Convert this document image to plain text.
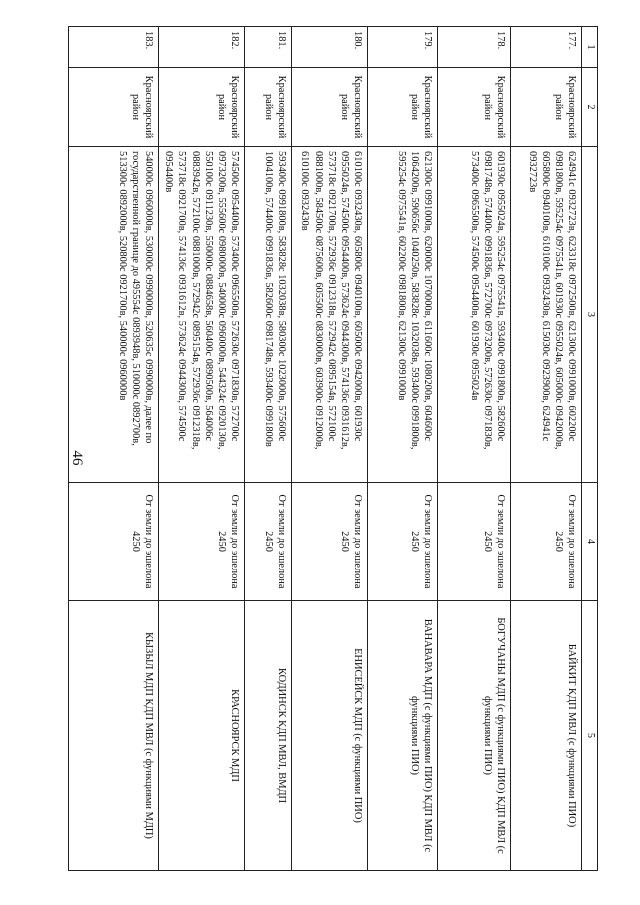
46
1	2	3	4	5
177.	Красноярский район	624941с 0932723в, 623318с 0972500в, 621300с 0991000в, 602200с 0981800в, 595254с 0975541в, 601930с 0955024в, 605000с 0942000в, 605800с 0940100в, 610100с 0932430в, 615030с 0923900в, 624941с 0932723в	От земли до эшелона 2450	БАЙКИТ КДП МВЛ (с функциями ПИО)
178.	Красноярский район	601930с 0955024в, 595254с 0975541в, 593400с 0991800в, 582600с 0981748в, 574400с 0991836в, 572700с 0973200в, 572630с 0971830в, 573400с 0965500в, 574500с 0954400в, 601930с 0955024в	От земли до эшелона 2450	БОГУЧАНЫ МДП (с функциями ПИО) КДП МВЛ (с функциями ПИО)
179.	Красноярский район	621300с 0991000в, 620000с 1070000в, 611600с 1080200в, 604600с 1064200в, 590656с 1040250в, 583828с 1032038в, 593400с 0991800в, 595254с 0975541в, 602200с 0981800в, 621300с 0991000в	От земли до эшелона 2450	ВАНАВАРА МДП (с функциями ПИО) КДП МВЛ (с функциями ПИО)
180.	Красноярский район	610100с 0932430в, 605800с 0940100в, 605000с 0942000в, 601930с 0955024в, 574500с 0954400в, 573624с 0944300в, 574136с 0931612в, 573718с 0921700в, 572936с 0912318в, 572942с 0895154в, 572100с 0881000в, 584500с 0875600в, 605500с 0830000в, 603900с 0912000в, 610100с 0932430в	От земли до эшелона 2450	ЕНИСЕЙСК МДП (с функциями ПИО)
181.	Красноярский район	593400с 0991800в, 583828с 1032038в, 580300с 1023000в, 575600с 1004100в, 574400с 0991836в, 582600с 0981748в, 593400с 0991800в	От земли до эшелона 2450	КОДИНСК КДП МВЛ, ВМДП
182.	Красноярский район	574500с 0954400в, 573400с 0965500в, 572630с 0971830в, 572700с 0973200в, 555600с 0980000в, 540000с 0960000в, 544324с 0920130в, 550100с 0911230в, 550000с 0884658в, 560400с 0890500в, 564006с 0883942в, 572100с 0881000в, 572942с 0895154в, 572936с 0912318в, 573718с 0921700в, 574136с 0931612в, 573624с 0944300в, 574500с 0954400в	От земли до эшелона 2450	КРАСНОЯРСК МДП
183.	Красноярский район	540000с 0960000в, 530000с 0990000в, 520635с 0990000в, далее по государственной границе до 495554с 0893948в, 510000с 0892700в, 513300с 0892000в, 520800с 0921700в, 540000с 0960000в	От земли до эшелона 4250	КЫЗЫЛ МДП КДП МВЛ (с функциями МДП)
